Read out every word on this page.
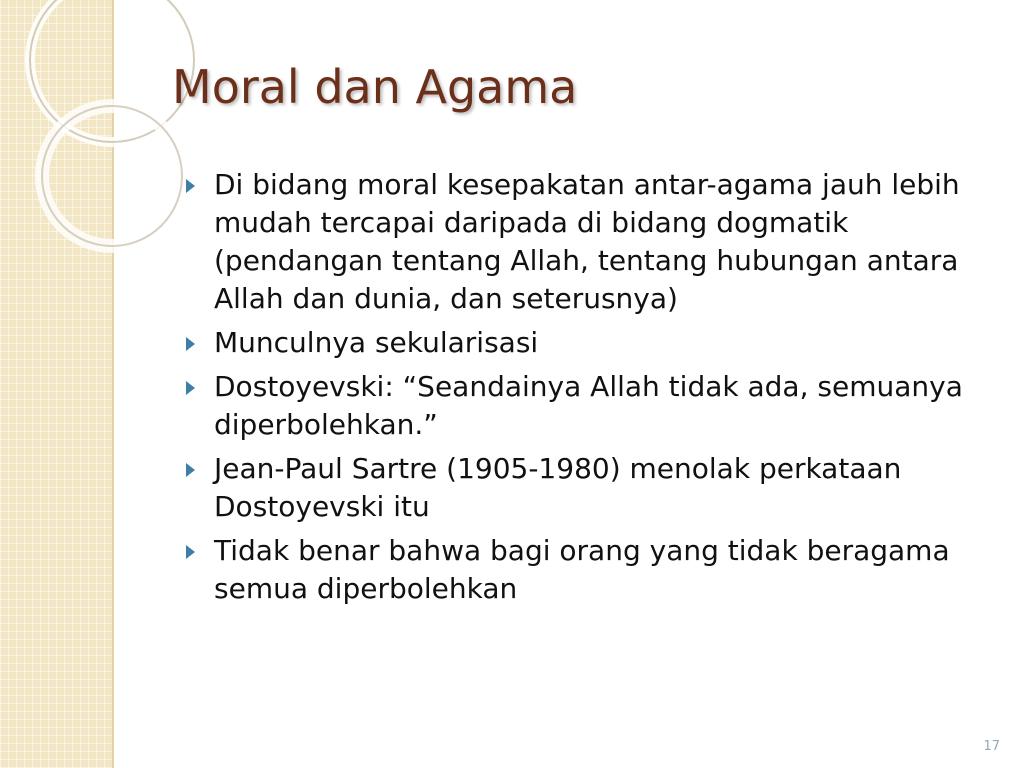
Moral dan Agama
Di bidang moral kesepakatan antar-agama jauh lebih mudah tercapai daripada di bidang dogmatik (pendangan tentang Allah, tentang hubungan antara Allah dan dunia, dan seterusnya)
Munculnya sekularisasi
Dostoyevski: “Seandainya Allah tidak ada, semuanya diperbolehkan.”
Jean-Paul Sartre (1905-1980) menolak perkataan Dostoyevski itu
Tidak benar bahwa bagi orang yang tidak beragama semua diperbolehkan
17
